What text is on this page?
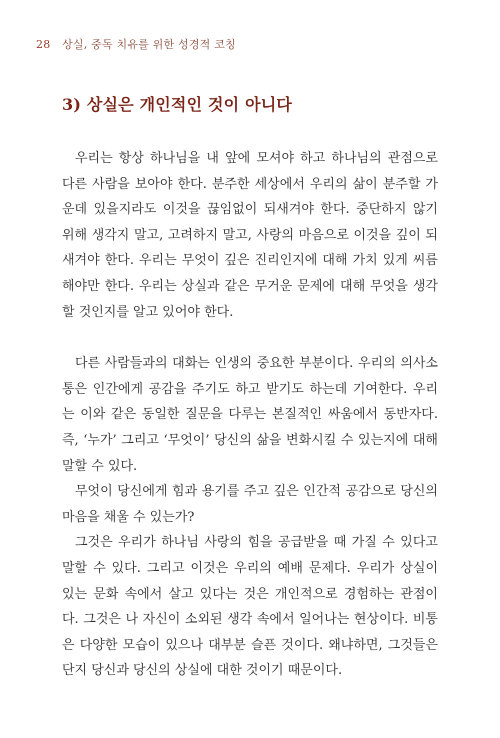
28 상실, 중독 치유를 위한 성경적 코칭
3) 상실은 개인적인 것이 아니다

우리는 항상 하나님을 내 앞에 모셔야 하고 하나님의 관점으로 다른 사람을 보아야 한다. 분주한 세상에서 우리의 삶이 분주할 가운데 있을지라도 이것을 끊임없이 되새겨야 한다. 중단하지 않기 위해 생각지 말고, 고려하지 말고, 사랑의 마음으로 이것을 깊이 되새겨야 한다. 우리는 무엇이 깊은 진리인지에 대해 가치 있게 씨름해야만 한다. 우리는 상실과 같은 무거운 문제에 대해 무엇을 생각할 것인지를 알고 있어야 한다.

다른 사람들과의 대화는 인생의 중요한 부분이다. 우리의 의사소통은 인간에게 공감을 주기도 하고 받기도 하는데 기여한다. 우리는 이와 같은 동일한 질문을 다루는 본질적인 싸움에서 동반자다. 즉, ‘누가’ 그리고 ‘무엇이’ 당신의 삶을 변화시킬 수 있는지에 대해 말할 수 있다.

무엇이 당신에게 힘과 용기를 주고 깊은 인간적 공감으로 당신의 마음을 채울 수 있는가?

그것은 우리가 하나님 사랑의 힘을 공급받을 때 가질 수 있다고 말할 수 있다. 그리고 이것은 우리의 예배 문제다. 우리가 상실이 있는 문화 속에서 살고 있다는 것은 개인적으로 경험하는 관점이다. 그것은 나 자신이 소외된 생각 속에서 일어나는 현상이다. 비통은 다양한 모습이 있으나 대부분 슬픈 것이다. 왜냐하면, 그것들은 단지 당신과 당신의 상실에 대한 것이기 때문이다.
